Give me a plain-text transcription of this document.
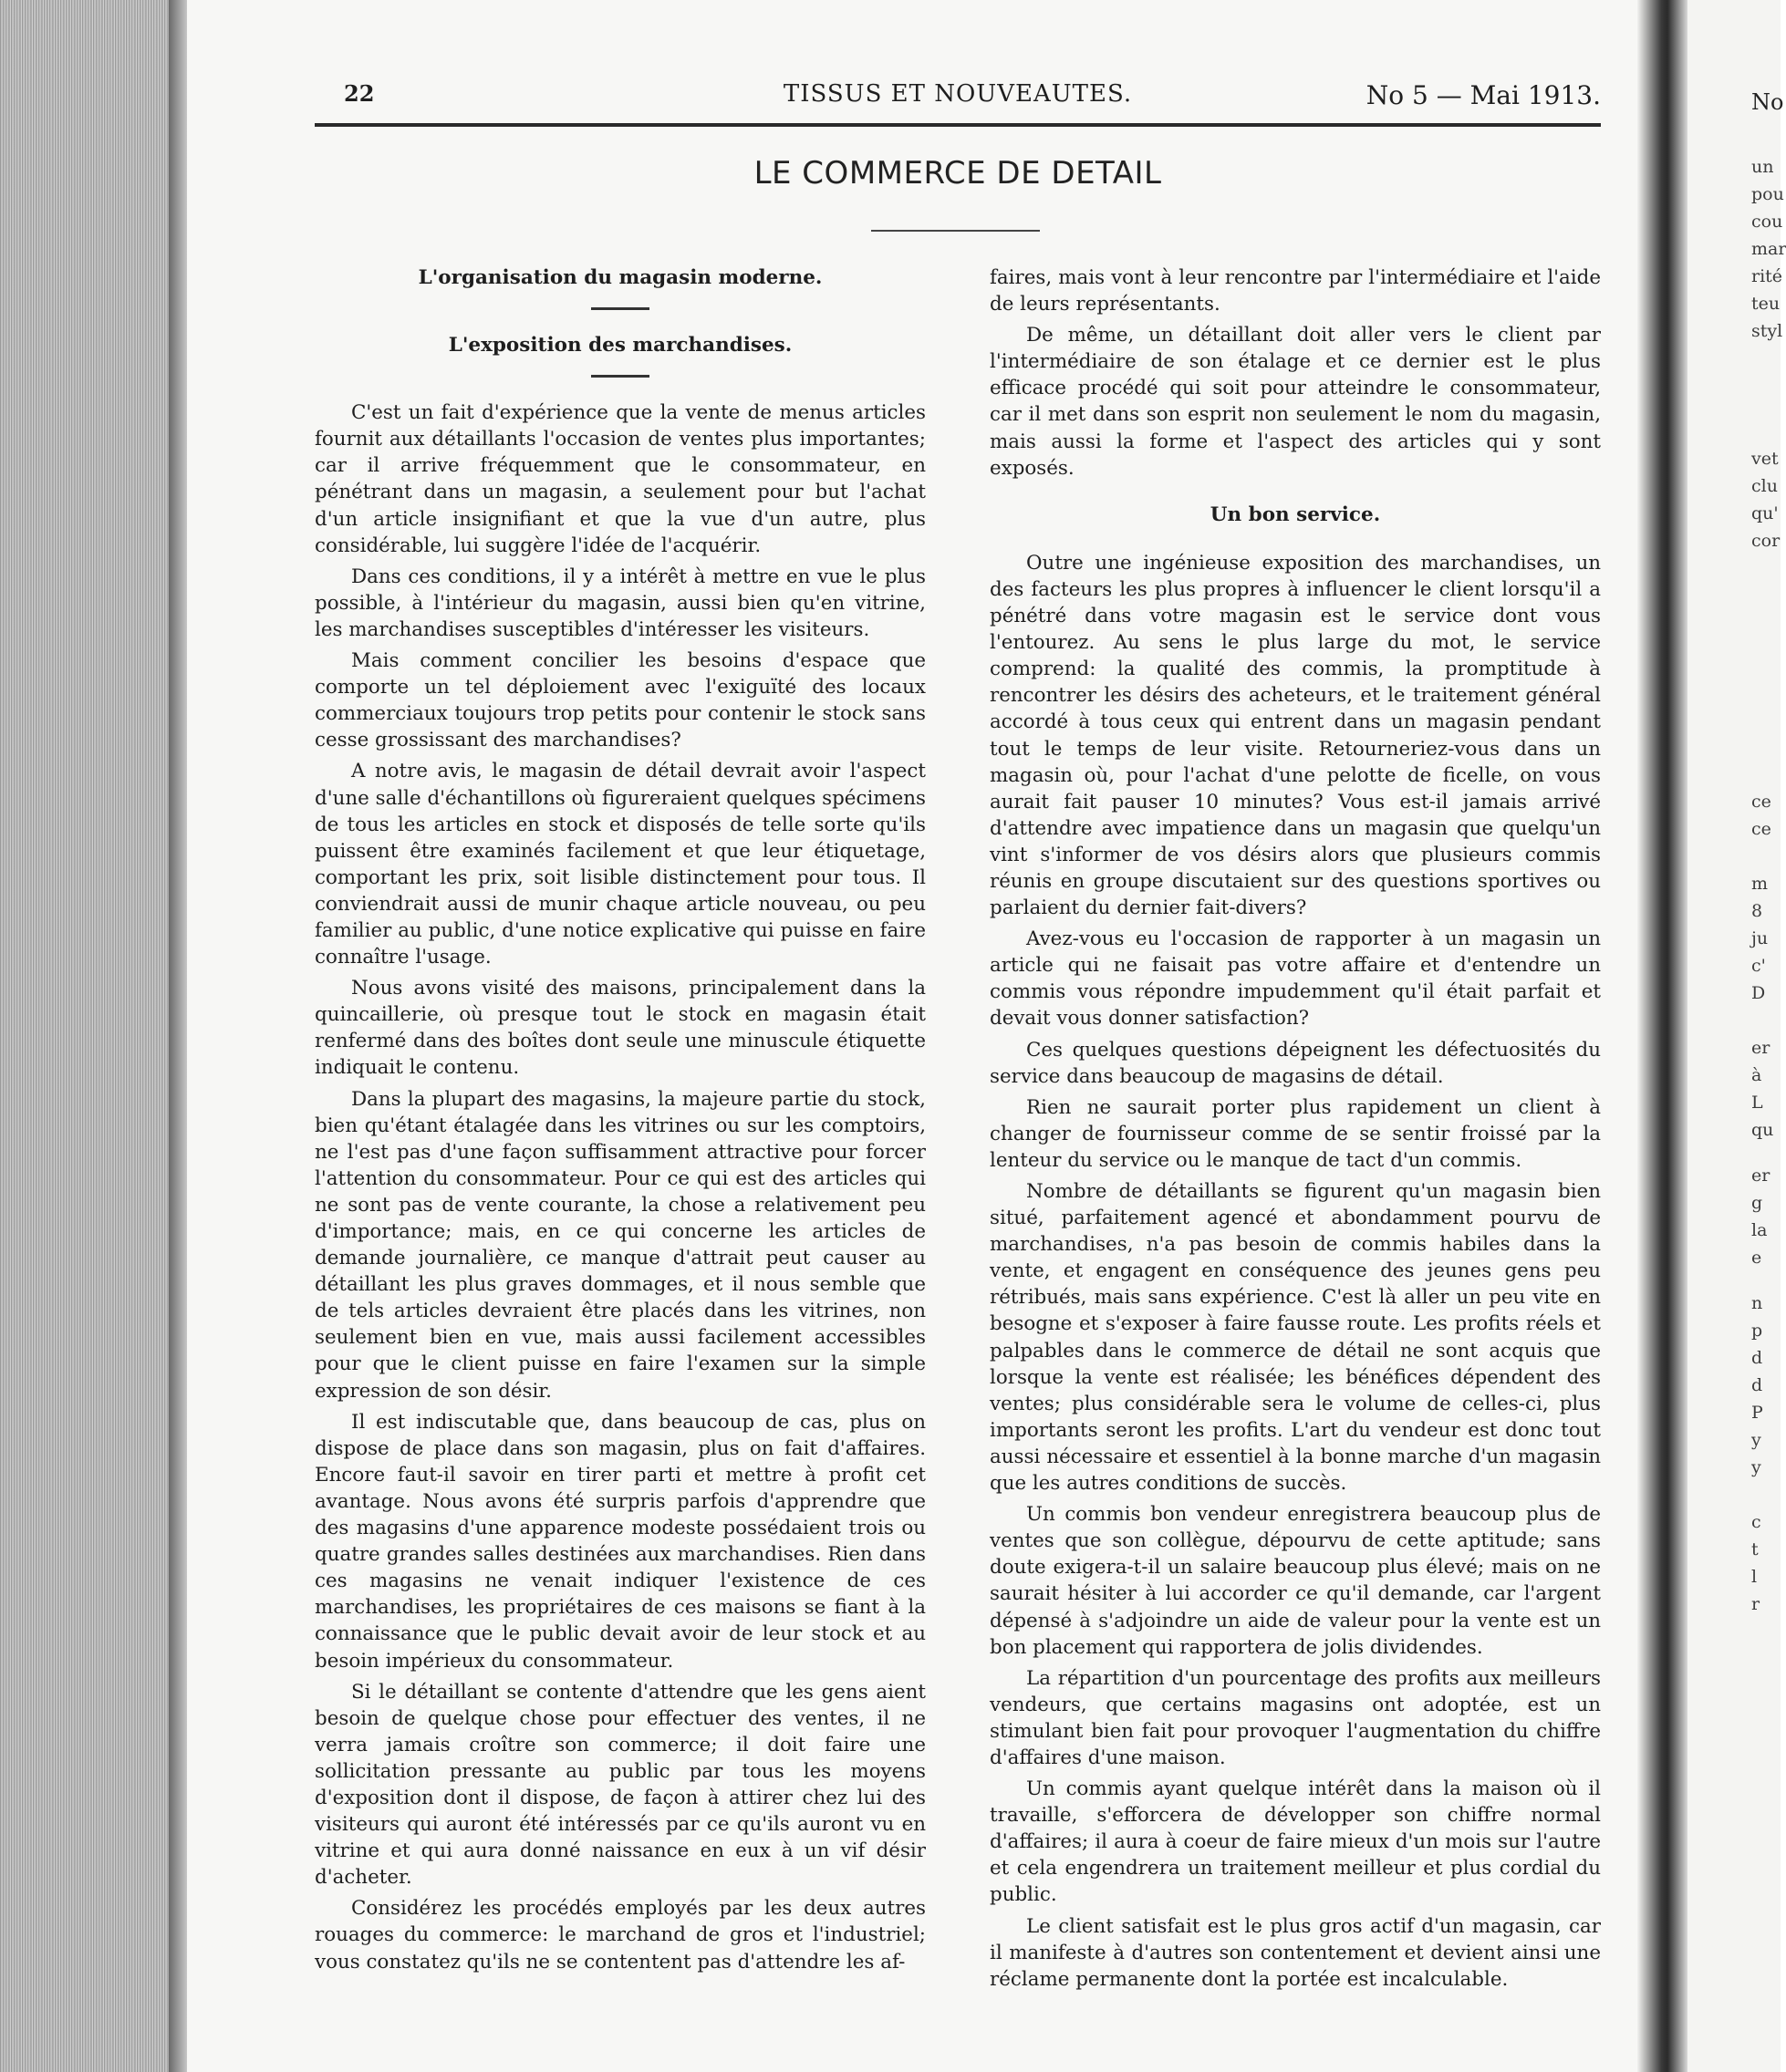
No
un
pou
cou
mar
rité
teu
styl
vet
clu
qu'
cor
ce
ce
m
8
ju
c'
D
er
à
L
qu
er
g
la
e
n
p
d
d
P
y
y
c
t
l
r
22	TISSUS ET NOUVEAUTES.	No 5 — Mai 1913.
LE COMMERCE DE DETAIL
L'organisation du magasin moderne.
L'exposition des marchandises.

C'est un fait d'expérience que la vente de menus articles fournit aux détaillants l'occasion de ventes plus importantes; car il arrive fréquemment que le consommateur, en pénétrant dans un magasin, a seulement pour but l'achat d'un article insignifiant et que la vue d'un autre, plus considérable, lui suggère l'idée de l'acquérir.

Dans ces conditions, il y a intérêt à mettre en vue le plus possible, à l'intérieur du magasin, aussi bien qu'en vitrine, les marchandises susceptibles d'intéresser les visiteurs.

Mais comment concilier les besoins d'espace que comporte un tel déploiement avec l'exiguïté des locaux commerciaux toujours trop petits pour contenir le stock sans cesse grossissant des marchandises?

A notre avis, le magasin de détail devrait avoir l'aspect d'une salle d'échantillons où figureraient quelques spécimens de tous les articles en stock et disposés de telle sorte qu'ils puissent être examinés facilement et que leur étiquetage, comportant les prix, soit lisible distinctement pour tous. Il conviendrait aussi de munir chaque article nouveau, ou peu familier au public, d'une notice explicative qui puisse en faire connaître l'usage.

Nous avons visité des maisons, principalement dans la quincaillerie, où presque tout le stock en magasin était renfermé dans des boîtes dont seule une minuscule étiquette indiquait le contenu.

Dans la plupart des magasins, la majeure partie du stock, bien qu'étant étalagée dans les vitrines ou sur les comptoirs, ne l'est pas d'une façon suffisamment attractive pour forcer l'attention du consommateur. Pour ce qui est des articles qui ne sont pas de vente courante, la chose a relativement peu d'importance; mais, en ce qui concerne les articles de demande journalière, ce manque d'attrait peut causer au détaillant les plus graves dommages, et il nous semble que de tels articles devraient être placés dans les vitrines, non seulement bien en vue, mais aussi facilement accessibles pour que le client puisse en faire l'examen sur la simple expression de son désir.

Il est indiscutable que, dans beaucoup de cas, plus on dispose de place dans son magasin, plus on fait d'affaires. Encore faut-il savoir en tirer parti et mettre à profit cet avantage. Nous avons été surpris parfois d'apprendre que des magasins d'une apparence modeste possédaient trois ou quatre grandes salles destinées aux marchandises. Rien dans ces magasins ne venait indiquer l'existence de ces marchandises, les propriétaires de ces maisons se fiant à la connaissance que le public devait avoir de leur stock et au besoin impérieux du consommateur.

Si le détaillant se contente d'attendre que les gens aient besoin de quelque chose pour effectuer des ventes, il ne verra jamais croître son commerce; il doit faire une sollicitation pressante au public par tous les moyens d'exposition dont il dispose, de façon à attirer chez lui des visiteurs qui auront été intéressés par ce qu'ils auront vu en vitrine et qui aura donné naissance en eux à un vif désir d'acheter.

Considérez les procédés employés par les deux autres rouages du commerce: le marchand de gros et l'industriel; vous constatez qu'ils ne se contentent pas d'attendre les af-

faires, mais vont à leur rencontre par l'intermédiaire et l'aide de leurs représentants.

De même, un détaillant doit aller vers le client par l'intermédiaire de son étalage et ce dernier est le plus efficace procédé qui soit pour atteindre le consommateur, car il met dans son esprit non seulement le nom du magasin, mais aussi la forme et l'aspect des articles qui y sont exposés.

Un bon service.

Outre une ingénieuse exposition des marchandises, un des facteurs les plus propres à influencer le client lorsqu'il a pénétré dans votre magasin est le service dont vous l'entourez. Au sens le plus large du mot, le service comprend: la qualité des commis, la promptitude à rencontrer les désirs des acheteurs, et le traitement général accordé à tous ceux qui entrent dans un magasin pendant tout le temps de leur visite. Retourneriez-vous dans un magasin où, pour l'achat d'une pelotte de ficelle, on vous aurait fait pauser 10 minutes? Vous est-il jamais arrivé d'attendre avec impatience dans un magasin que quelqu'un vint s'informer de vos désirs alors que plusieurs commis réunis en groupe discutaient sur des questions sportives ou parlaient du dernier fait-divers?

Avez-vous eu l'occasion de rapporter à un magasin un article qui ne faisait pas votre affaire et d'entendre un commis vous répondre impudemment qu'il était parfait et devait vous donner satisfaction?

Ces quelques questions dépeignent les défectuosités du service dans beaucoup de magasins de détail.

Rien ne saurait porter plus rapidement un client à changer de fournisseur comme de se sentir froissé par la lenteur du service ou le manque de tact d'un commis.

Nombre de détaillants se figurent qu'un magasin bien situé, parfaitement agencé et abondamment pourvu de marchandises, n'a pas besoin de commis habiles dans la vente, et engagent en conséquence des jeunes gens peu rétribués, mais sans expérience. C'est là aller un peu vite en besogne et s'exposer à faire fausse route. Les profits réels et palpables dans le commerce de détail ne sont acquis que lorsque la vente est réalisée; les bénéfices dépendent des ventes; plus considérable sera le volume de celles-ci, plus importants seront les profits. L'art du vendeur est donc tout aussi nécessaire et essentiel à la bonne marche d'un magasin que les autres conditions de succès.

Un commis bon vendeur enregistrera beaucoup plus de ventes que son collègue, dépourvu de cette aptitude; sans doute exigera-t-il un salaire beaucoup plus élevé; mais on ne saurait hésiter à lui accorder ce qu'il demande, car l'argent dépensé à s'adjoindre un aide de valeur pour la vente est un bon placement qui rapportera de jolis dividendes.

La répartition d'un pourcentage des profits aux meilleurs vendeurs, que certains magasins ont adoptée, est un stimulant bien fait pour provoquer l'augmentation du chiffre d'affaires d'une maison.

Un commis ayant quelque intérêt dans la maison où il travaille, s'efforcera de développer son chiffre normal d'affaires; il aura à coeur de faire mieux d'un mois sur l'autre et cela engendrera un traitement meilleur et plus cordial du public.

Le client satisfait est le plus gros actif d'un magasin, car il manifeste à d'autres son contentement et devient ainsi une réclame permanente dont la portée est incalculable.
